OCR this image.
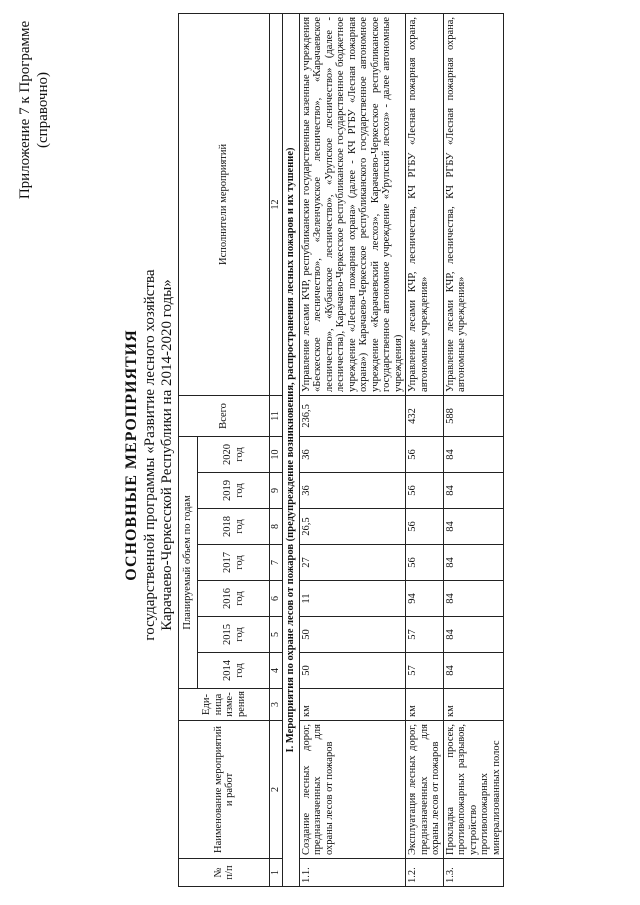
Приложение 7 к Программе (справочно)
ОСНОВНЫЕ МЕРОПРИЯТИЯ государственной программы «Развитие лесного хозяйства Карачаево-Черкесской Республики на 2014-2020 годы»
№ п/п	Наименование мероприятий и работ	Еди-ница изме-рения	Планируемый объем по годам							Всего	Исполнители мероприятий
			2014 год	2015 год	2016 год	2017 год	2018 год	2019 год	2020 год		
1	2	3	4	5	6	7	8	9	10	11	12
I. Мероприятия по охране лесов от пожаров (предупреждение возникновения, распространения лесных пожаров и их тушение)											
1.1.	Создание лесных дорог, предназначенных для охраны лесов от пожаров	км	50	50	11	27	26,5	36	36	236,5	Управление лесами КЧР, республиканские государственные казенные учреждения «Бескесское лесничество», «Зеленчукское лесничество», «Карачаевское лесничество», «Кубанское лесничество», «Урупское лесничество» (далее - лесничества), Карачаево-Черкесское республиканское государственное бюджетное учреждение «Лесная пожарная охрана» (далее - КЧ РГБУ «Лесная пожарная охрана») Карачаево-Черкесское республиканского государственное автономное учреждение «Карачаевский лесхоз», Карачаево-Черкесское республиканское государственное автономное учреждение «Урупский лесхоз» - далее автономные учреждения)
1.2.	Эксплуатация лесных дорог, предназначенных для охраны лесов от пожаров	км	57	57	94	56	56	56	56	432	Управление лесами КЧР, лесничества, КЧ РГБУ «Лесная пожарная охрана, автономные учреждения»
1.3.	Прокладка просек, противопожарных разрывов, устройство противопожарных минерализованных полос	км	84	84	84	84	84	84	84	588	Управление лесами КЧР, лесничества, КЧ РГБУ «Лесная пожарная охрана, автономные учреждения»
